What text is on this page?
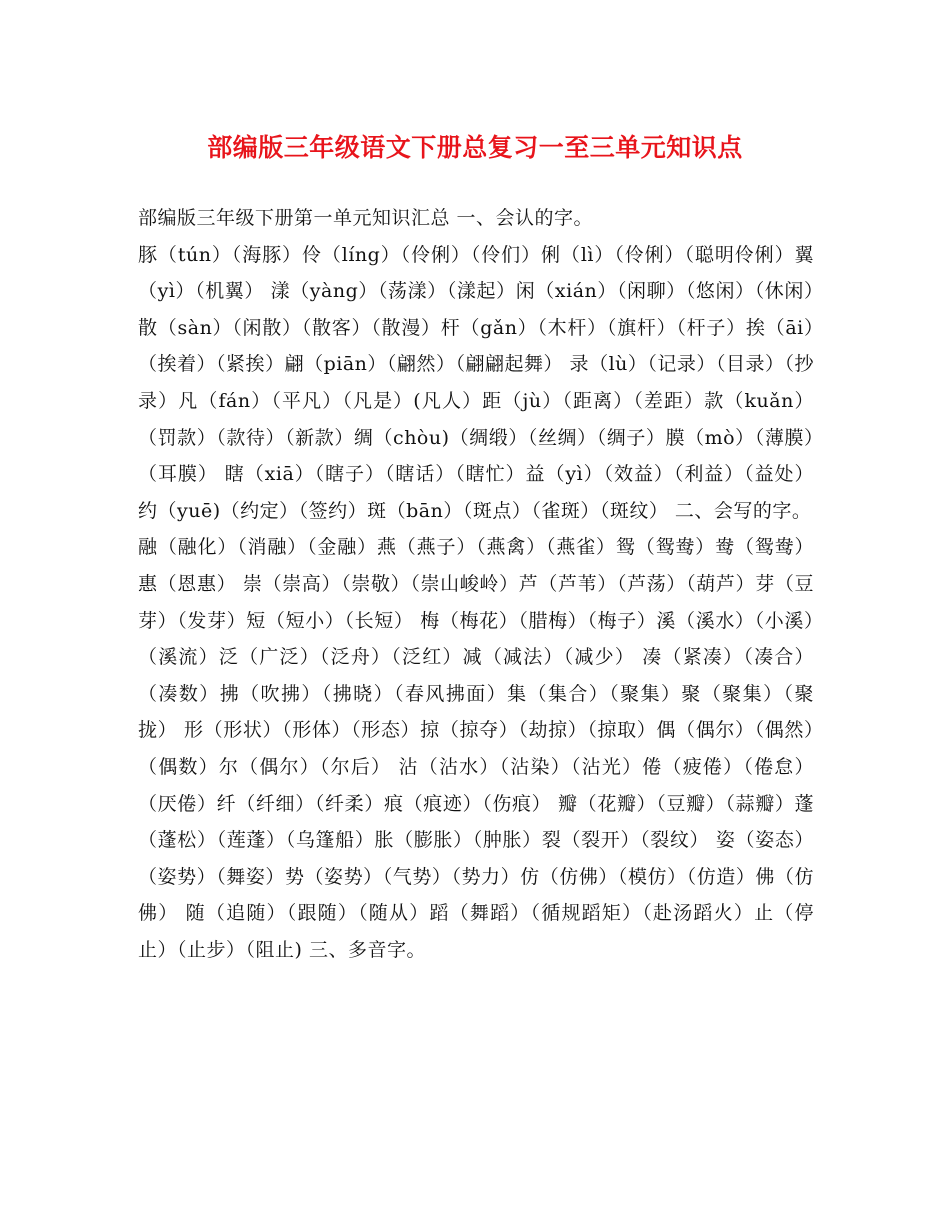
部编版三年级语文下册总复习一至三单元知识点

部编版三年级下册第一单元知识汇总 一、会认的字。

豚（tún）（海豚）伶（líng）（伶俐）（伶们）俐（lì）（伶俐）（聪明伶俐）翼（yì）（机翼） 漾（yàng）（荡漾）（漾起）闲（xián）（闲聊）（悠闲）（休闲）散（sàn）（闲散）（散客）（散漫）杆（gǎn）（木杆）（旗杆）（杆子）挨（āi）（挨着）（紧挨）翩（piān）（翩然）（翩翩起舞） 录（lù）（记录）（目录）（抄录）凡（fán）（平凡）（凡是）(凡人）距（jù）（距离）（差距）款（kuǎn）（罚款）（款待）（新款）绸（chòu)（绸缎）（丝绸）（绸子）膜（mò）（薄膜）（耳膜） 瞎（xiā）（瞎子）（瞎话）（瞎忙）益（yì）（效益）（利益）（益处）约（yuē)（约定）（签约）斑（bān）（斑点）（雀斑）（斑纹） 二、会写的字。

融（融化）（消融）（金融）燕（燕子）（燕禽）（燕雀）鸳（鸳鸯）鸯（鸳鸯）惠（恩惠） 崇（崇高）（崇敬）（崇山峻岭）芦（芦苇）（芦荡）（葫芦）芽（豆芽）（发芽）短（短小）（长短） 梅（梅花）（腊梅）（梅子）溪（溪水）（小溪）（溪流）泛（广泛）（泛舟）（泛红）减（减法）（减少） 凑（紧凑）（凑合）（凑数）拂（吹拂）（拂晓）（春风拂面）集（集合）（聚集）聚（聚集）（聚拢） 形（形状）（形体）（形态）掠（掠夺）（劫掠）（掠取）偶（偶尔）（偶然）（偶数）尔（偶尔）（尔后） 沾（沾水）（沾染）（沾光）倦（疲倦）（倦怠）（厌倦）纤（纤细）（纤柔）痕（痕迹）（伤痕） 瓣（花瓣）（豆瓣）（蒜瓣）蓬（蓬松）（莲蓬）（乌篷船）胀（膨胀）（肿胀）裂（裂开）（裂纹） 姿（姿态）（姿势）（舞姿）势（姿势）（气势）（势力）仿（仿佛）（模仿）（仿造）佛（仿佛） 随（追随）（跟随）（随从）蹈（舞蹈）（循规蹈矩）（赴汤蹈火）止（停止）（止步）（阻止) 三、多音字。
